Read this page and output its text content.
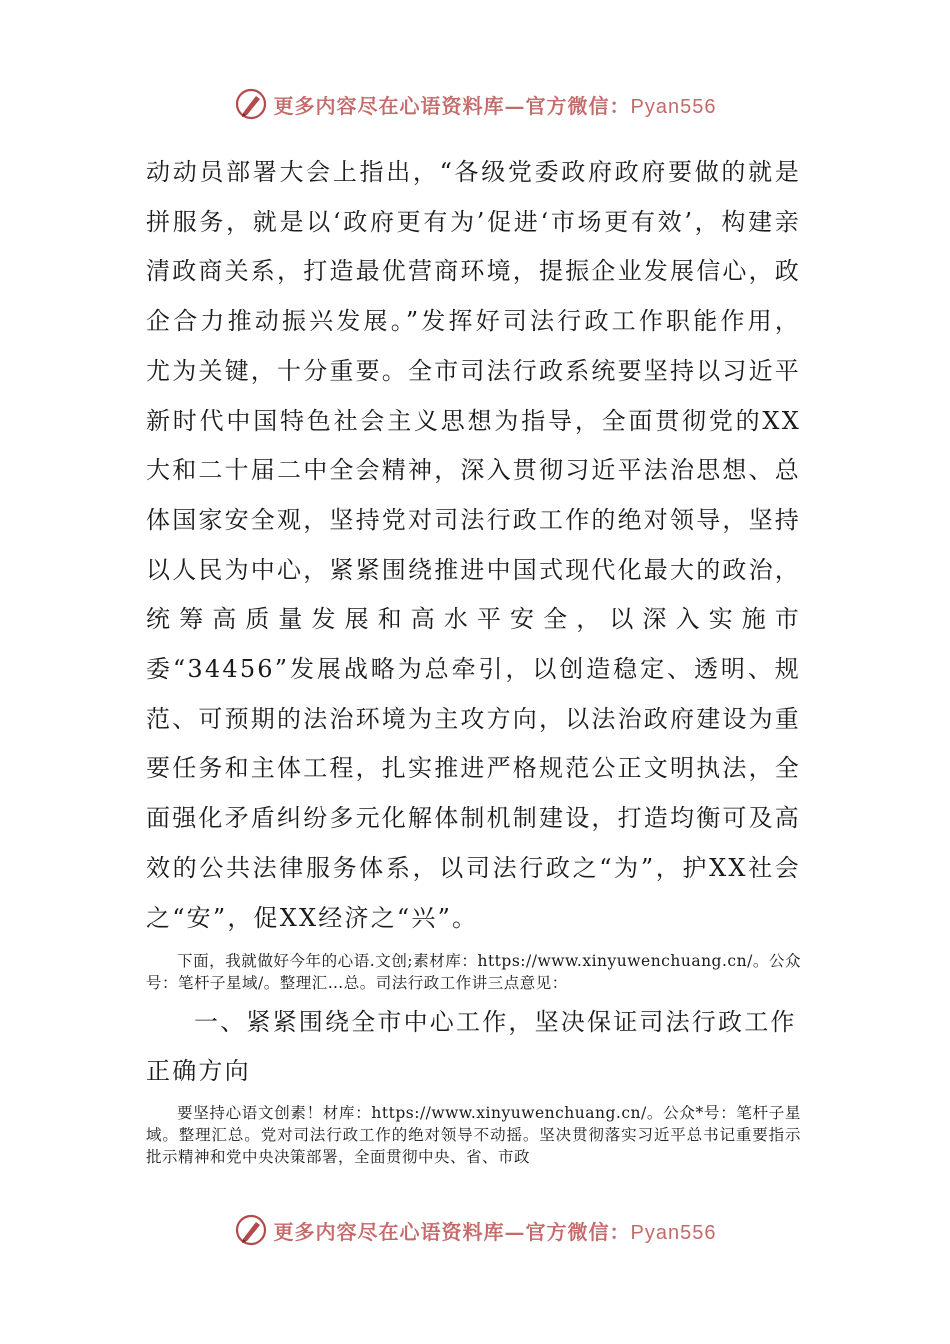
更多内容尽在心语资料库—官方微信：Pyan556

动动员部署大会上指出，“各级党委政府政府要做的就是拼服务，就是以‘政府更有为’促进‘市场更有效’，构建亲清政商关系，打造最优营商环境，提振企业发展信心，政企合力推动振兴发展。”发挥好司法行政工作职能作用，尤为关键，十分重要。全市司法行政系统要坚持以习近平新时代中国特色社会主义思想为指导，全面贯彻党的XX大和二十届二中全会精神，深入贯彻习近平法治思想、总体国家安全观，坚持党对司法行政工作的绝对领导，坚持以人民为中心，紧紧围绕推进中国式现代化最大的政治，统筹高质量发展和高水平安全，以深入实施市委“34456”发展战略为总牵引，以创造稳定、透明、规范、可预期的法治环境为主攻方向，以法治政府建设为重要任务和主体工程，扎实推进严格规范公正文明执法，全面强化矛盾纠纷多元化解体制机制建设，打造均衡可及高效的公共法律服务体系，以司法行政之“为”，护XX社会之“安”，促XX经济之“兴”。

下面，我就做好今年的心语.文创;素材库：https://www.xinyuwenchuang.cn/。公众号：笔杆子星域/。整理汇…总。司法行政工作讲三点意见：

一、紧紧围绕全市中心工作，坚决保证司法行政工作正确方向

要坚持心语文创素！材库：https://www.xinyuwenchuang.cn/。公众*号：笔杆子星域。整理汇总。党对司法行政工作的绝对领导不动摇。坚决贯彻落实习近平总书记重要指示批示精神和党中央决策部署，全面贯彻中央、省、市政

更多内容尽在心语资料库—官方微信：Pyan556
